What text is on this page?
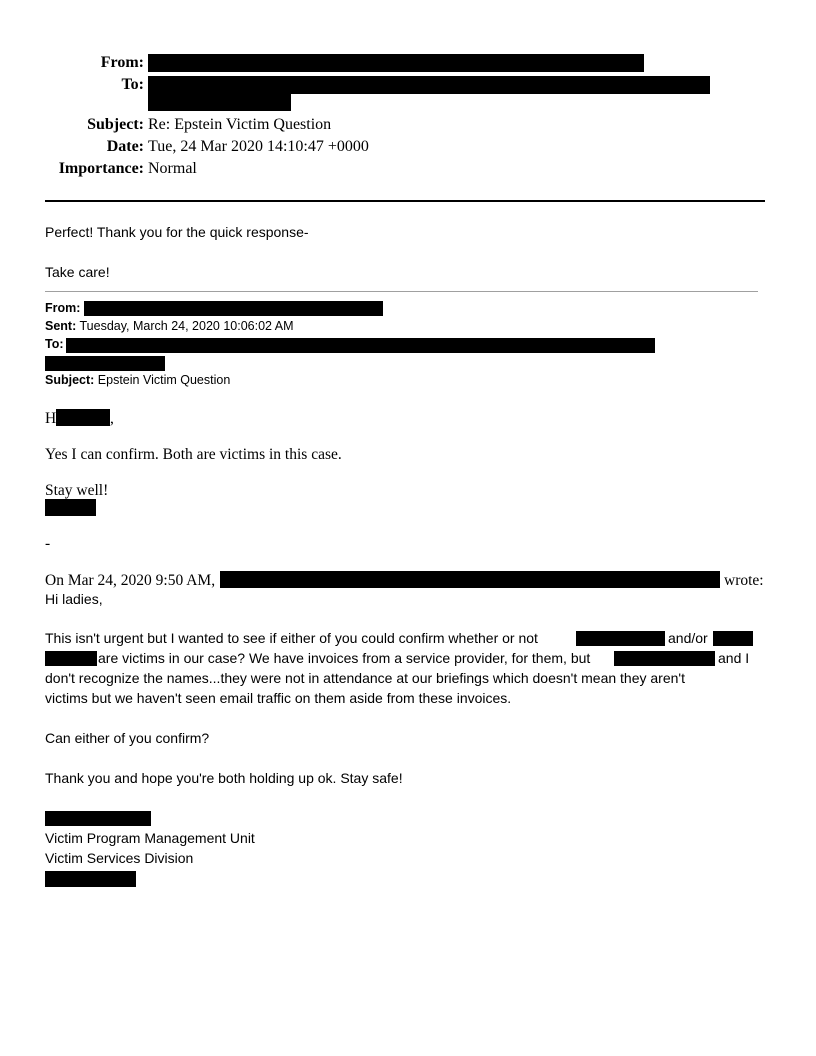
From:
To:
Subject: Re: Epstein Victim Question
Date: Tue, 24 Mar 2020 14:10:47 +0000
Importance: Normal
Perfect! Thank you for the quick response-
Take care!
From:
Sent: Tuesday, March 24, 2020 10:06:02 AM
To:
Subject: Epstein Victim Question
H	,
Yes I can confirm. Both are victims in this case.
Stay well!
-
On Mar 24, 2020 9:50 AM,	wrote:
Hi ladies,
This isn't urgent but I wanted to see if either of you could confirm whether or not	and/or
are victims in our case? We have invoices from a service provider, for them, but	and I
don't recognize the names...they were not in attendance at our briefings which doesn't mean they aren't
victims but we haven't seen email traffic on them aside from these invoices.
Can either of you confirm?
Thank you and hope you're both holding up ok. Stay safe!
Victim Program Management Unit
Victim Services Division
